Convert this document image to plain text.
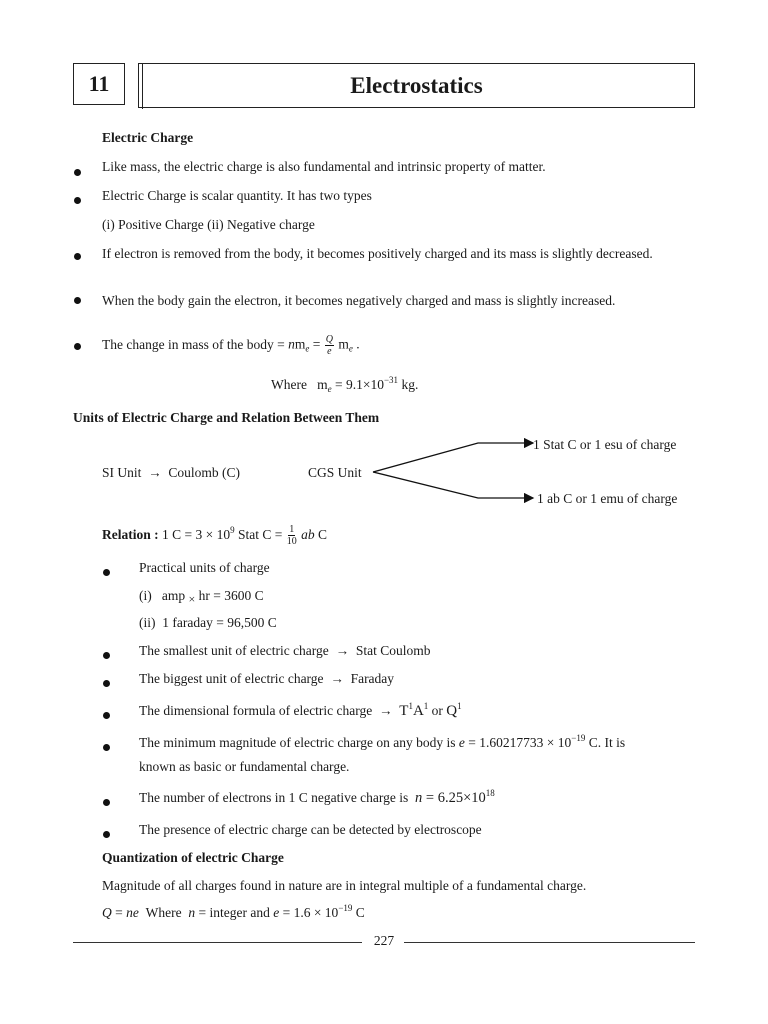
11	Electrostatics
Electric Charge
Like mass, the electric charge is also fundamental and intrinsic property of matter.
Electric Charge is scalar quantity. It has two types
(i) Positive Charge (ii) Negative charge
If electron is removed from the body, it becomes positively charged and its mass is slightly decreased.
When the body gain the electron, it becomes negatively charged and mass is slightly increased.
The change in mass of the body =
$nm_e = \frac{Q}{e} m_e$ .
Where $m_e = 9.1\times 10^{-31}$ kg.
Units of Electric Charge and Relation Between Them
SI Unit  →  Coulomb (C)	CGS Unit
1 Stat C or 1 esu of charge
1 ab C or 1 emu of charge
Relation :
1 $C = 3 \times 10^9$ Stat C =
$\frac{1}{10}$
ab
C
Practical units of charge
(i) amp × hr = 3600 C
(ii) 1 faraday = 96,500 C
The smallest unit of electric charge  →  Stat Coulomb
The biggest unit of electric charge  →  Faraday
The dimensional formula of electric charge  →  $T^1A^1$ or $Q^1$
The minimum magnitude of electric charge on any body is $e = 1.60217733 \times 10^{-19}$ C. It is
known as basic or fundamental charge.
The number of electrons in 1 C negative charge is $n = 6.25\times 10^{18}$
The presence of electric charge can be detected by electroscope
Quantization of electric Charge
Magnitude of all charges found in nature are in integral multiple of a fundamental charge.
Q = ne Where n = integer and $e = 1.6 \times 10^{-19}$ C
227
